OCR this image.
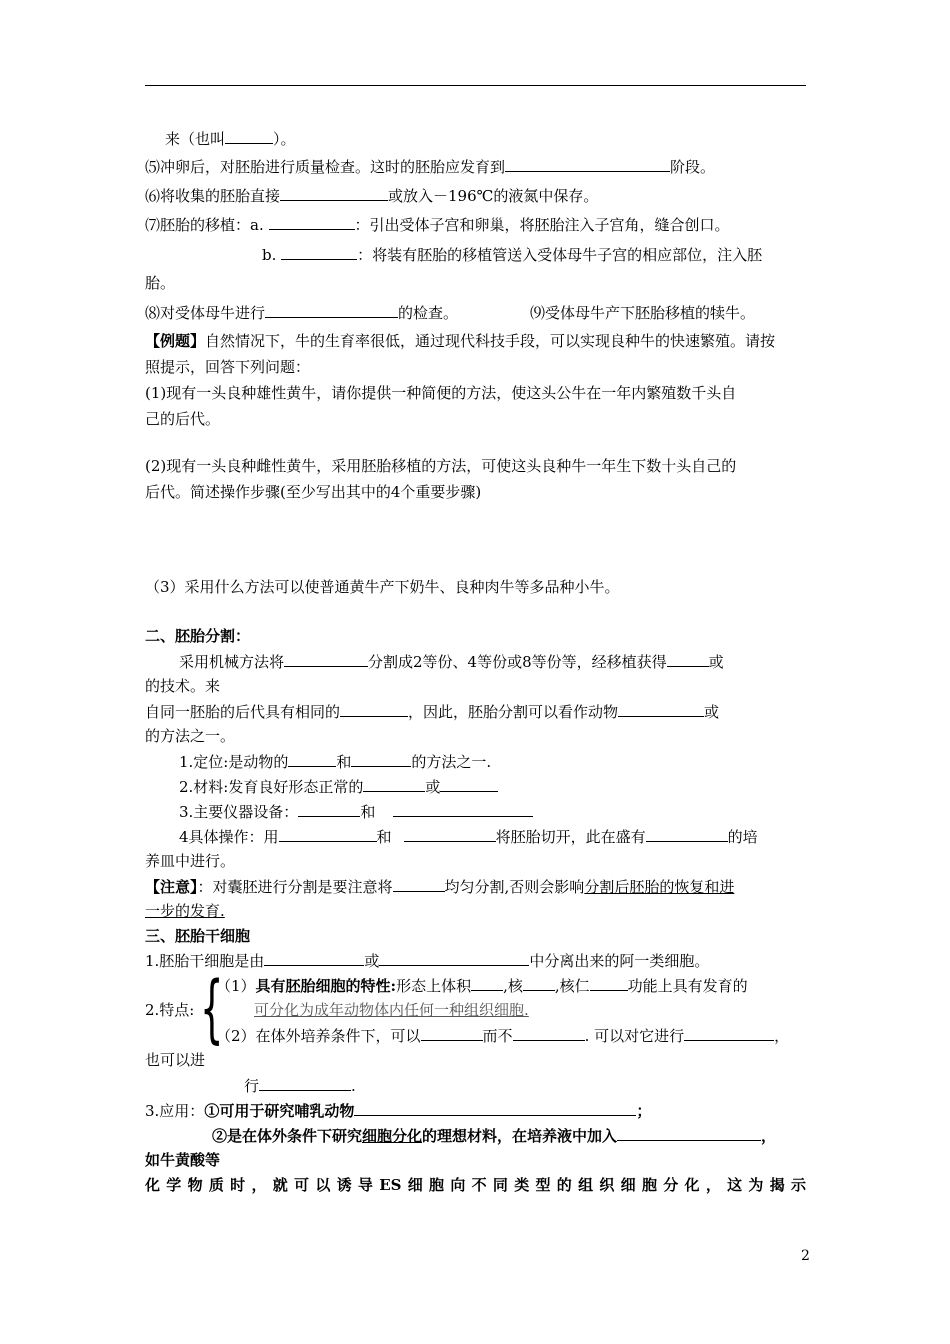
来（也叫	）。
⑸冲卵后，对胚胎进行质量检查。这时的胚胎应发育到	阶段。
⑹将收集的胚胎直接	或放入－196℃的液氮中保存。
⑺胚胎的移植：a.	：引出受体子宫和卵巢，将胚胎注入子宫角，缝合创口。
b.	：将装有胚胎的移植管送入受体母牛子宫的相应部位，注入胚
胎。
⑻对受体母牛进行	的检查。	⑼受体母牛产下胚胎移植的犊牛。
【例题】自然情况下，牛的生育率很低，通过现代科技手段，可以实现良种牛的快速繁殖。请按
照提示，回答下列问题：
(1)现有一头良种雄性黄牛，请你提供一种简便的方法，使这头公牛在一年内繁殖数千头自
己的后代。
(2)现有一头良种雌性黄牛，采用胚胎移植的方法，可使这头良种牛一年生下数十头自己的
后代。简述操作步骤(至少写出其中的4个重要步骤)
（3）采用什么方法可以使普通黄牛产下奶牛、良种肉牛等多品种小牛。
二、胚胎分割：
采用机械方法将	分割成2等份、4等份或8等份等，经移植获得	或
的技术。来
自同一胚胎的后代具有相同的	，因此，胚胎分割可以看作动物	或
的方法之一。
1.定位:是动物的	和	的方法之一.
2.材料:发育良好形态正常的	或
3.主要仪器设备：	和
4具体操作：用	和	将胚胎切开，此在盛有	的培
养皿中进行。
【注意】：对囊胚进行分割是要注意将	均匀分割,否则会影响分割后胚胎的恢复和进
一步的发育.
三、胚胎干细胞
1.胚胎干细胞是由	或	中分离出来的阿一类细胞。
{
（1）具有胚胎细胞的特性:形态上体积 ,核 ,核仁	功能上具有发育的
2.特点:	可分化为成年动物体内任何一种组织细胞.
（2）在体外培养条件下，可以	而不	. 可以对它进行	，
也可以进
行	.
3.应用：①可用于研究哺乳动物	；
②是在体外条件下研究细胞分化的理想材料，在培养液中加入	，
如牛黄酸等
化学物质时，就可以诱导ES细胞向不同类型的组织细胞分化，这为揭示
2
